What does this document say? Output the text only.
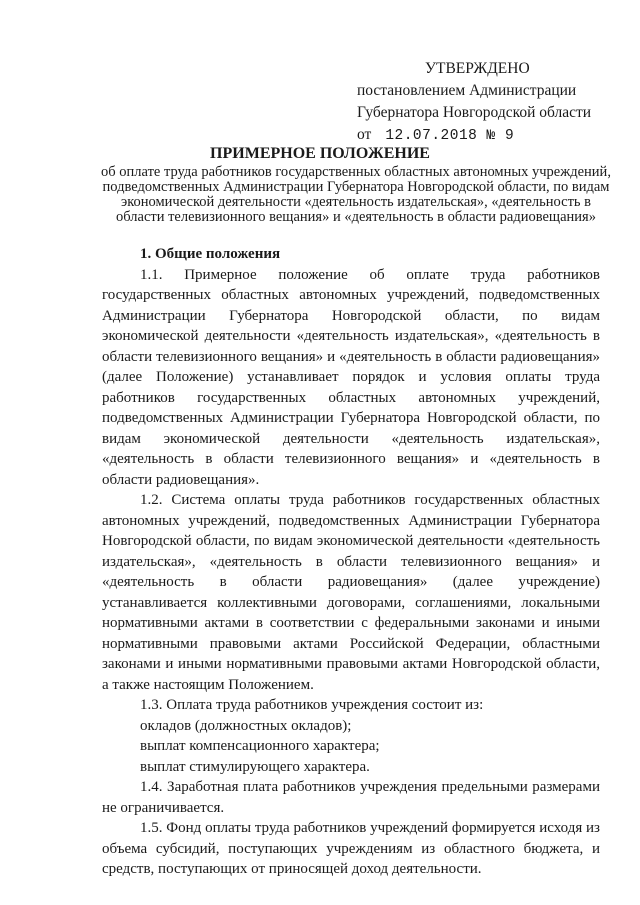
УТВЕРЖДЕНО
постановлением Администрации
Губернатора Новгородской области
от 12.07.2018 № 9
ПРИМЕРНОЕ ПОЛОЖЕНИЕ
об оплате труда работников государственных областных автономных учреждений, подведомственных Администрации Губернатора Новгородской области, по видам экономической деятельности «деятельность издательская», «деятельность в области телевизионного вещания» и «деятельность в области радиовещания»
1. Общие положения

1.1. Примерное положение об оплате труда работников государственных областных автономных учреждений, подведомственных Администрации Губернатора Новгородской области, по видам экономической деятельности «деятельность издательская», «деятельность в области телевизионного вещания» и «деятельность в области радиовещания» (далее Положение) устанавливает порядок и условия оплаты труда работников государственных областных автономных учреждений, подведомственных Администрации Губернатора Новгородской области, по видам экономической деятельности «деятельность издательская», «деятельность в области телевизионного вещания» и «деятельность в области радиовещания».

1.2. Система оплаты труда работников государственных областных автономных учреждений, подведомственных Администрации Губернатора Новгородской области, по видам экономической деятельности «деятельность издательская», «деятельность в области телевизионного вещания» и «деятельность в области радиовещания» (далее учреждение) устанавливается коллективными договорами, соглашениями, локальными нормативными актами в соответствии с федеральными законами и иными нормативными правовыми актами Российской Федерации, областными законами и иными нормативными правовыми актами Новгородской области, а также настоящим Положением.

1.3. Оплата труда работников учреждения состоит из:

окладов (должностных окладов);

выплат компенсационного характера;

выплат стимулирующего характера.

1.4. Заработная плата работников учреждения предельными размерами не ограничивается.

1.5. Фонд оплаты труда работников учреждений формируется исходя из объема субсидий, поступающих учреждениям из областного бюджета, и средств, поступающих от приносящей доход деятельности.
